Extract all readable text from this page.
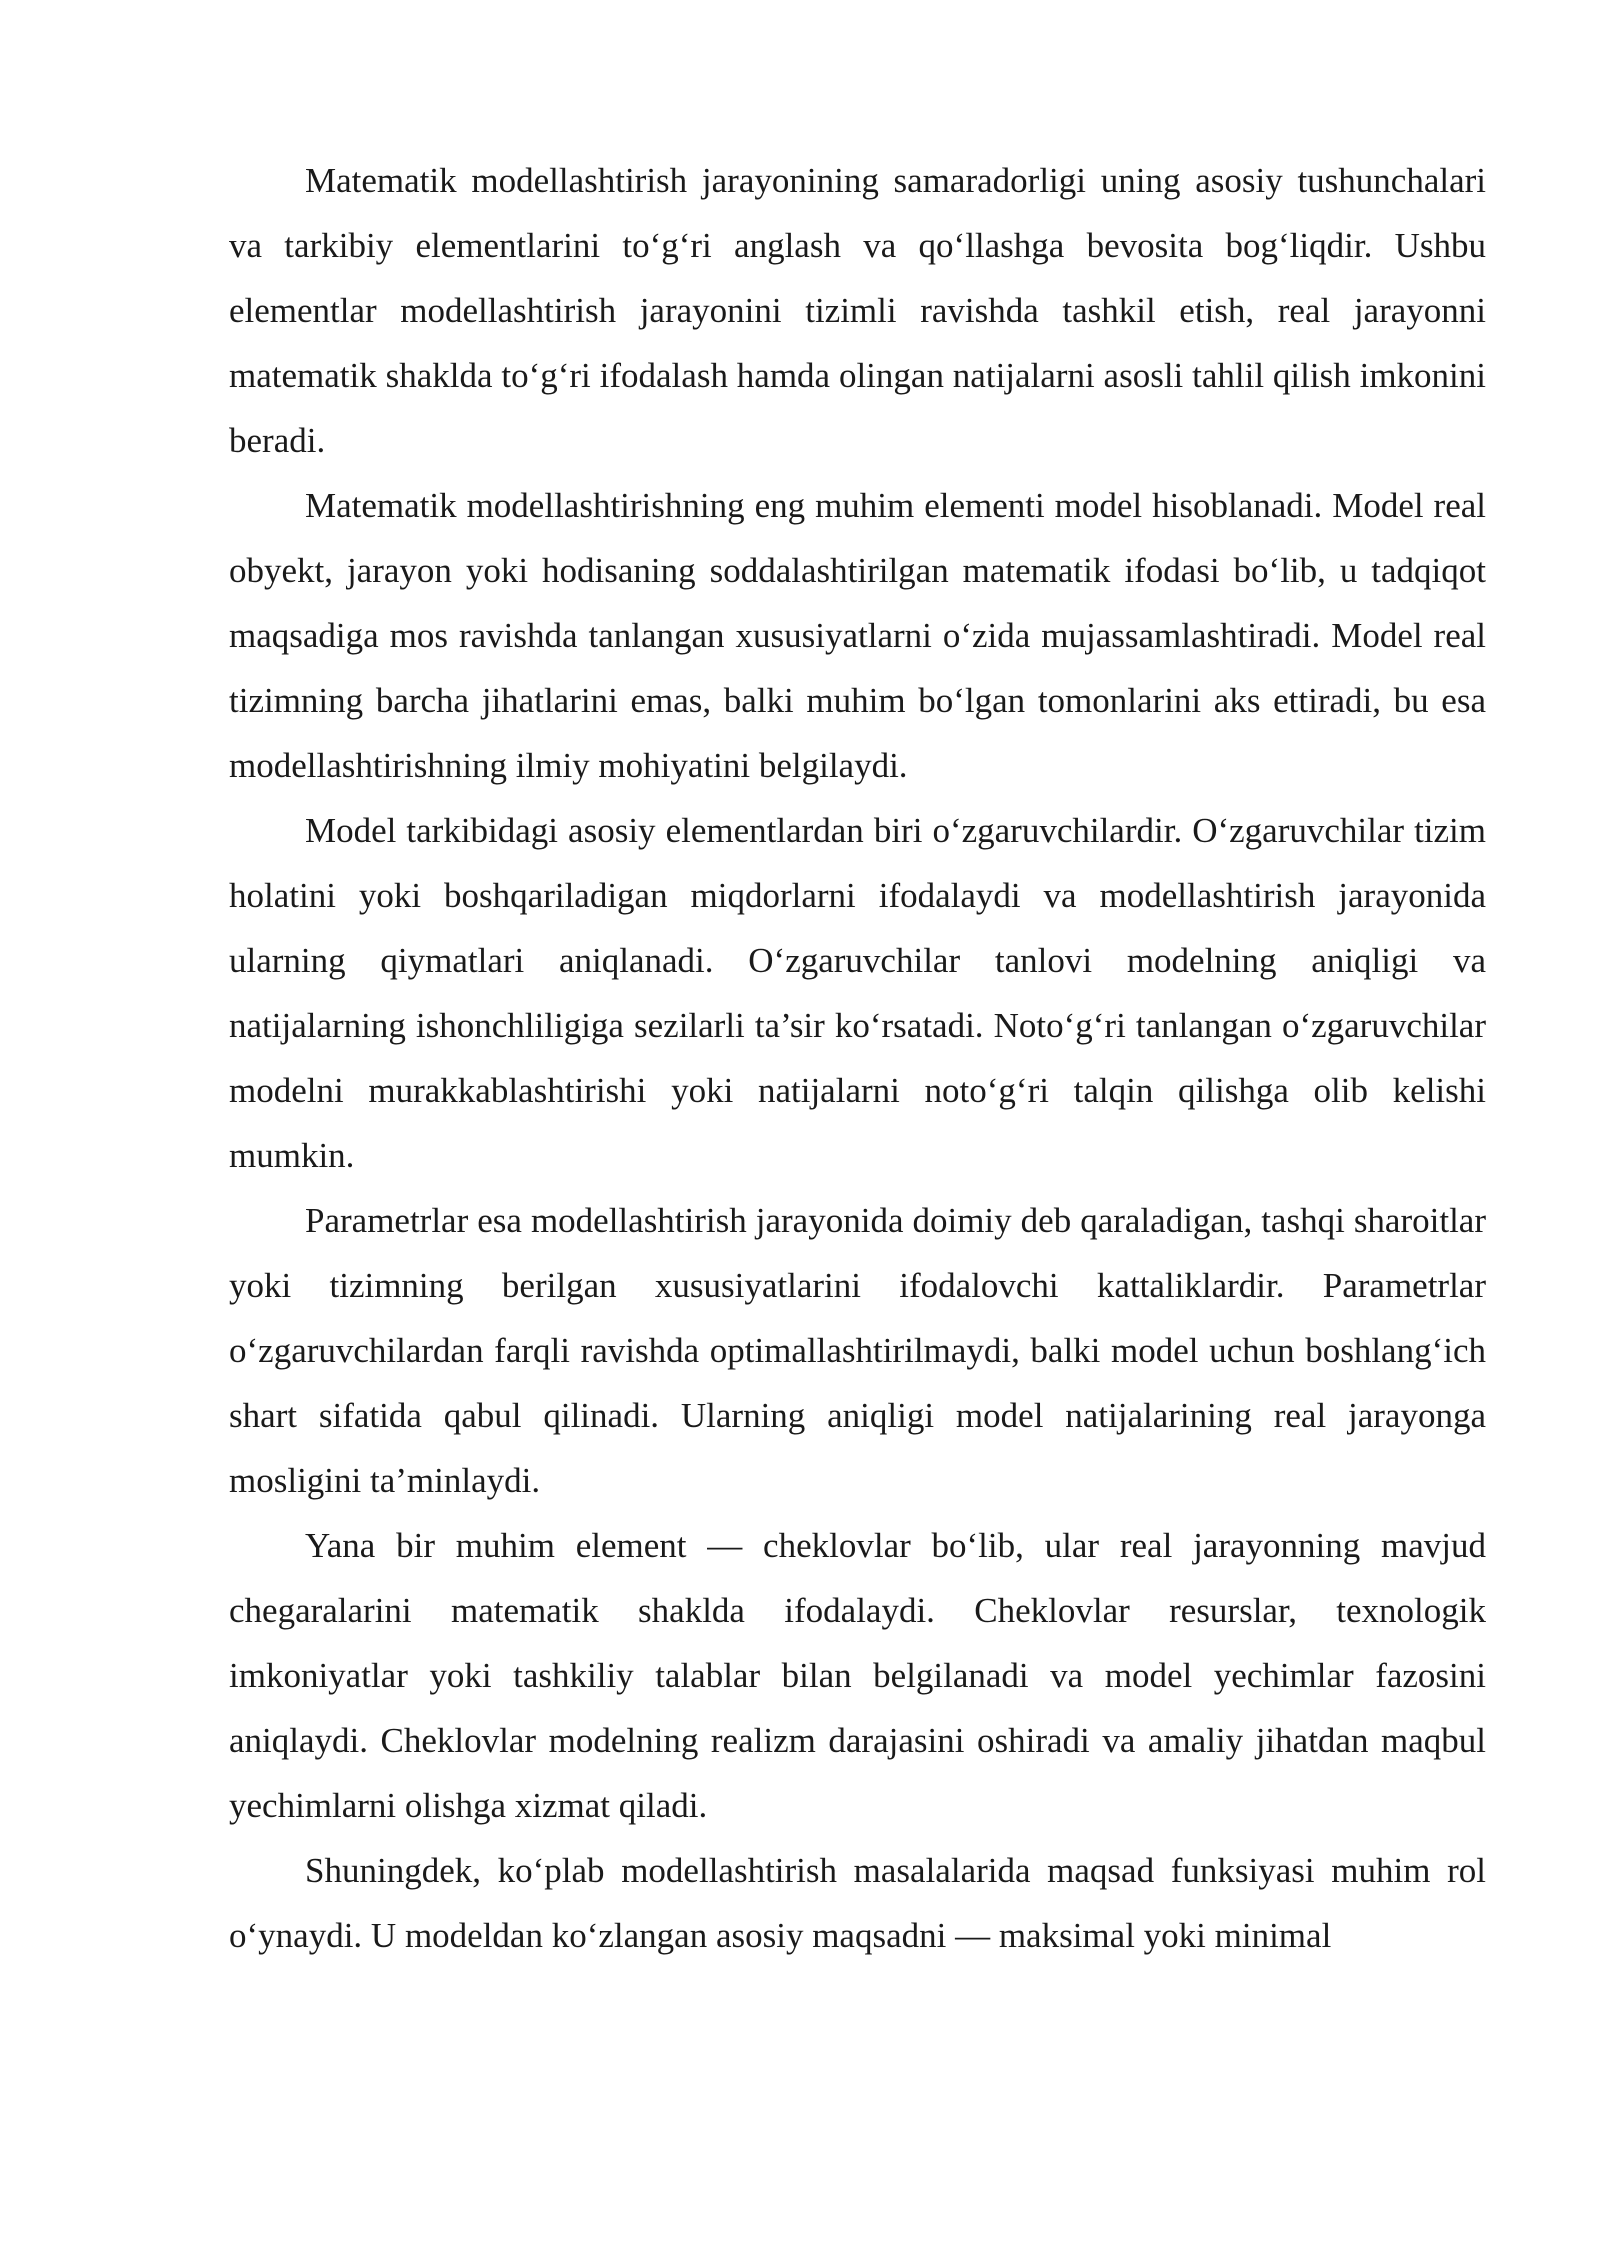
Matematik modellashtirish jarayonining samaradorligi uning asosiy tushunchalari va tarkibiy elementlarini to‘g‘ri anglash va qo‘llashga bevosita bog‘liqdir. Ushbu elementlar modellashtirish jarayonini tizimli ravishda tashkil etish, real jarayonni matematik shaklda to‘g‘ri ifodalash hamda olingan natijalarni asosli tahlil qilish imkonini beradi.

Matematik modellashtirishning eng muhim elementi model hisoblanadi. Model real obyekt, jarayon yoki hodisaning soddalashtirilgan matematik ifodasi bo‘lib, u tadqiqot maqsadiga mos ravishda tanlangan xususiyatlarni o‘zida mujassamlashtiradi. Model real tizimning barcha jihatlarini emas, balki muhim bo‘lgan tomonlarini aks ettiradi, bu esa modellashtirishning ilmiy mohiyatini belgilaydi.

Model tarkibidagi asosiy elementlardan biri o‘zgaruvchilardir. O‘zgaruvchilar tizim holatini yoki boshqariladigan miqdorlarni ifodalaydi va modellashtirish jarayonida ularning qiymatlari aniqlanadi. O‘zgaruvchilar tanlovi modelning aniqligi va natijalarning ishonchliligiga sezilarli ta’sir ko‘rsatadi. Noto‘g‘ri tanlangan o‘zgaruvchilar modelni murakkablashtirishi yoki natijalarni noto‘g‘ri talqin qilishga olib kelishi mumkin.

Parametrlar esa modellashtirish jarayonida doimiy deb qaraladigan, tashqi sharoitlar yoki tizimning berilgan xususiyatlarini ifodalovchi kattaliklardir. Parametrlar o‘zgaruvchilardan farqli ravishda optimallashtirilmaydi, balki model uchun boshlang‘ich shart sifatida qabul qilinadi. Ularning aniqligi model natijalarining real jarayonga mosligini ta’minlaydi.

Yana bir muhim element — cheklovlar bo‘lib, ular real jarayonning mavjud chegaralarini matematik shaklda ifodalaydi. Cheklovlar resurslar, texnologik imkoniyatlar yoki tashkiliy talablar bilan belgilanadi va model yechimlar fazosini aniqlaydi. Cheklovlar modelning realizm darajasini oshiradi va amaliy jihatdan maqbul yechimlarni olishga xizmat qiladi.

Shuningdek, ko‘plab modellashtirish masalalarida maqsad funksiyasi muhim rol o‘ynaydi. U modeldan ko‘zlangan asosiy maqsadni — maksimal yoki minimal
